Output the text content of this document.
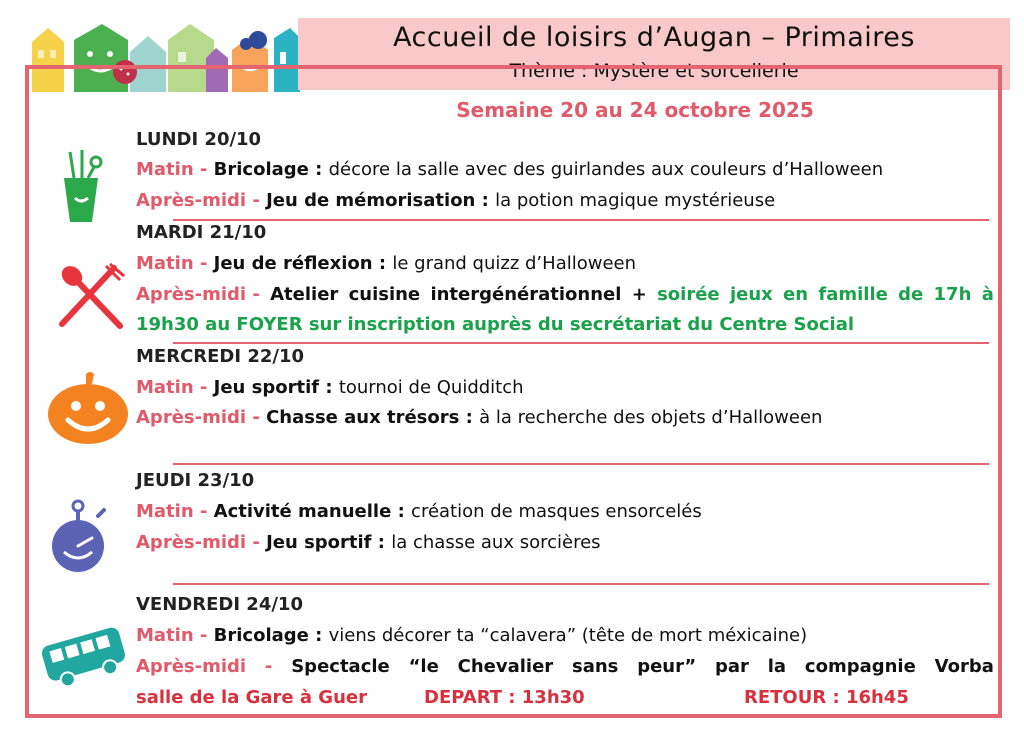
Accueil de loisirs d’Augan – Primaires
Thème : Mystère et sorcellerie
Semaine 20 au 24 octobre 2025
LUNDI 20/10
Matin - Bricolage : décore la salle avec des guirlandes aux couleurs d’Halloween
Après-midi - Jeu de mémorisation : la potion magique mystérieuse
MARDI 21/10
Matin - Jeu de réflexion : le grand quizz d’Halloween
Après-midi - Atelier cuisine intergénérationnel + soirée jeux en famille de 17h à
19h30 au FOYER sur inscription auprès du secrétariat du Centre Social
MERCREDI 22/10
Matin - Jeu sportif : tournoi de Quidditch
Après-midi - Chasse aux trésors : à la recherche des objets d’Halloween
JEUDI 23/10
Matin - Activité manuelle : création de masques ensorcelés
Après-midi - Jeu sportif : la chasse aux sorcières
VENDREDI 24/10
Matin - Bricolage : viens décorer ta “calavera” (tête de mort méxicaine)
Après-midi - Spectacle “le Chevalier sans peur” par la compagnie Vorba
salle de la Gare à Guer	DEPART : 13h30	RETOUR : 16h45
